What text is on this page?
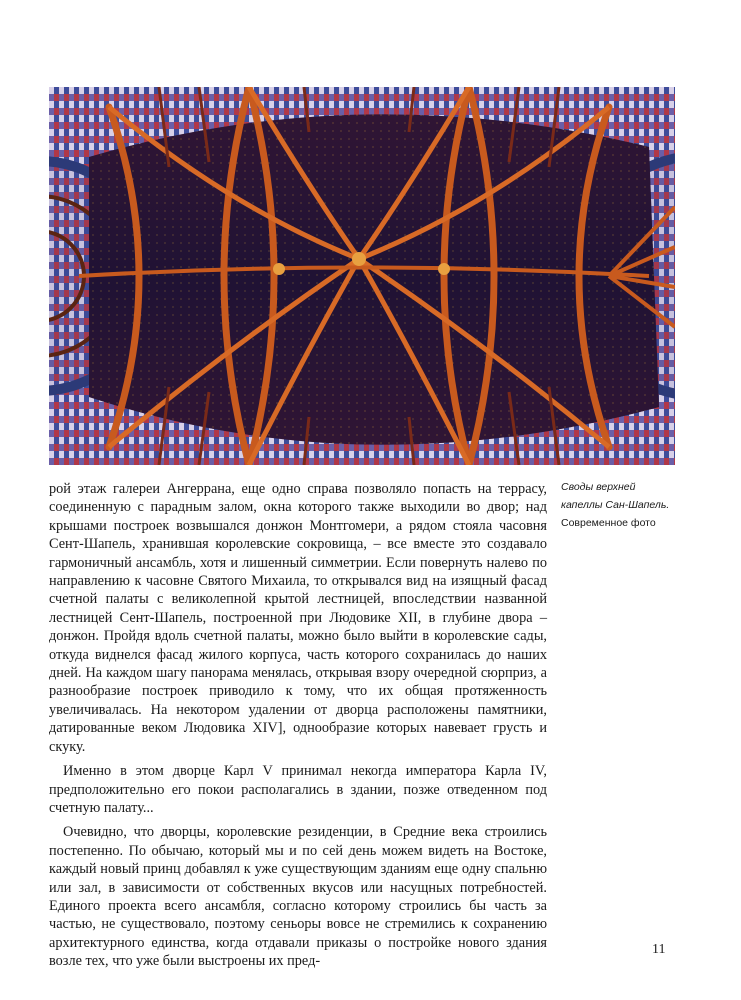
Своды верхней
капеллы Сан-Шапель.
Современное фото

рой этаж галереи Ангеррана, еще одно справа позволяло попасть на террасу, соединенную с парадным залом, окна которого также выходили во двор; над крышами построек возвышался донжон Монтгомери, а рядом стояла часовня Сент-Шапель, хранившая королевские сокровища, – все вместе это создавало гармоничный ансамбль, хотя и лишенный симметрии. Если повернуть налево по направлению к часовне Святого Михаила, то открывался вид на изящный фасад счетной палаты с великолепной крытой лестницей, впоследствии названной лестницей Сент-Шапель, построенной при Людовике XII, в глубине двора – донжон. Пройдя вдоль счетной палаты, можно было выйти в королевские сады, откуда виднелся фасад жилого корпуса, часть которого сохранилась до наших дней. На каждом шагу панорама менялась, открывая взору очередной сюрприз, а разнообразие построек приводило к тому, что их общая протяженность увеличивалась. На некотором удалении от дворца расположены памятники, датированные веком Людовика XIV], однообразие которых навевает грусть и скуку.

Именно в этом дворце Карл V принимал некогда императора Карла IV, предположительно его покои располагались в здании, позже отведенном под счетную палату...

Очевидно, что дворцы, королевские резиденции, в Средние века строились постепенно. По обычаю, который мы и по сей день можем видеть на Востоке, каждый новый принц добавлял к уже существующим зданиям еще одну спальню или зал, в зависимости от собственных вкусов или насущных потребностей. Единого проекта всего ансамбля, согласно которому строились бы часть за частью, не существовало, поэтому сеньоры вовсе не стремились к сохранению архитектурного единства, когда отдавали приказы о постройке нового здания возле тех, что уже были выстроены их пред-

11
